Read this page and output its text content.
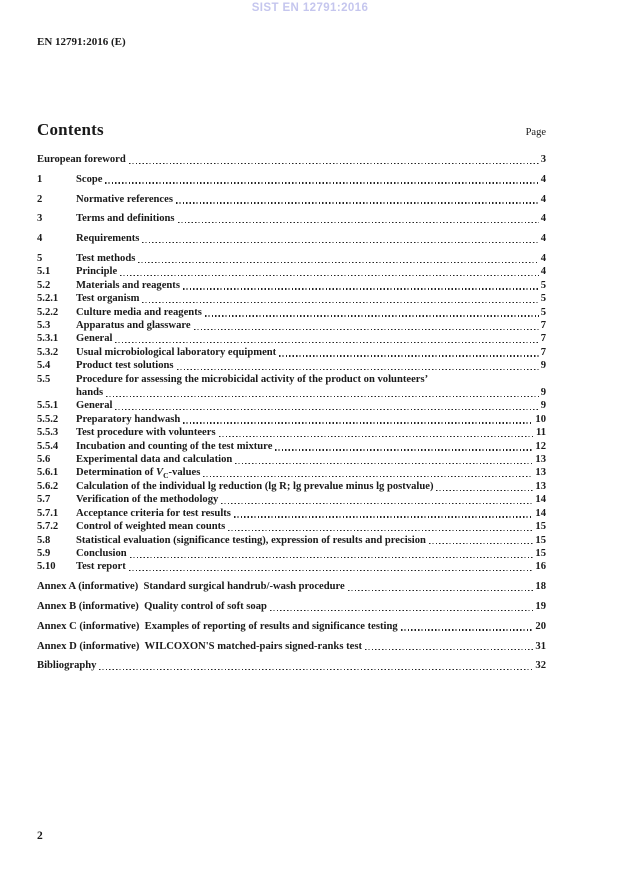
SIST EN 12791:2016
EN 12791:2016 (E)
Contents	Page
European foreword	3
1	Scope	4
2	Normative references	4
3	Terms and definitions	4
4	Requirements	4
5	Test methods	4
5.1	Principle	4
5.2	Materials and reagents	5
5.2.1	Test organism	5
5.2.2	Culture media and reagents	5
5.3	Apparatus and glassware	7
5.3.1	General	7
5.3.2	Usual microbiological laboratory equipment	7
5.4	Product test solutions	9
5.5	Procedure for assessing the microbicidal activity of the product on volunteers’
hands	9
5.5.1	General	9
5.5.2	Preparatory handwash	10
5.5.3	Test procedure with volunteers	11
5.5.4	Incubation and counting of the test mixture	12
5.6	Experimental data and calculation	13
5.6.1	Determination of $V_C$-values	13
5.6.2	Calculation of the individual lg reduction (lg R; lg prevalue minus lg postvalue)	13
5.7	Verification of the methodology	14
5.7.1	Acceptance criteria for test results	14
5.7.2	Control of weighted mean counts	15
5.8	Statistical evaluation (significance testing), expression of results and precision	15
5.9	Conclusion	15
5.10	Test report	16
Annex A (informative)  Standard surgical handrub/-wash procedure	18
Annex B (informative)  Quality control of soft soap	19
Annex C (informative)  Examples of reporting of results and significance testing	20
Annex D (informative)  WILCOXON'S matched-pairs signed-ranks test	31
Bibliography	32
2
